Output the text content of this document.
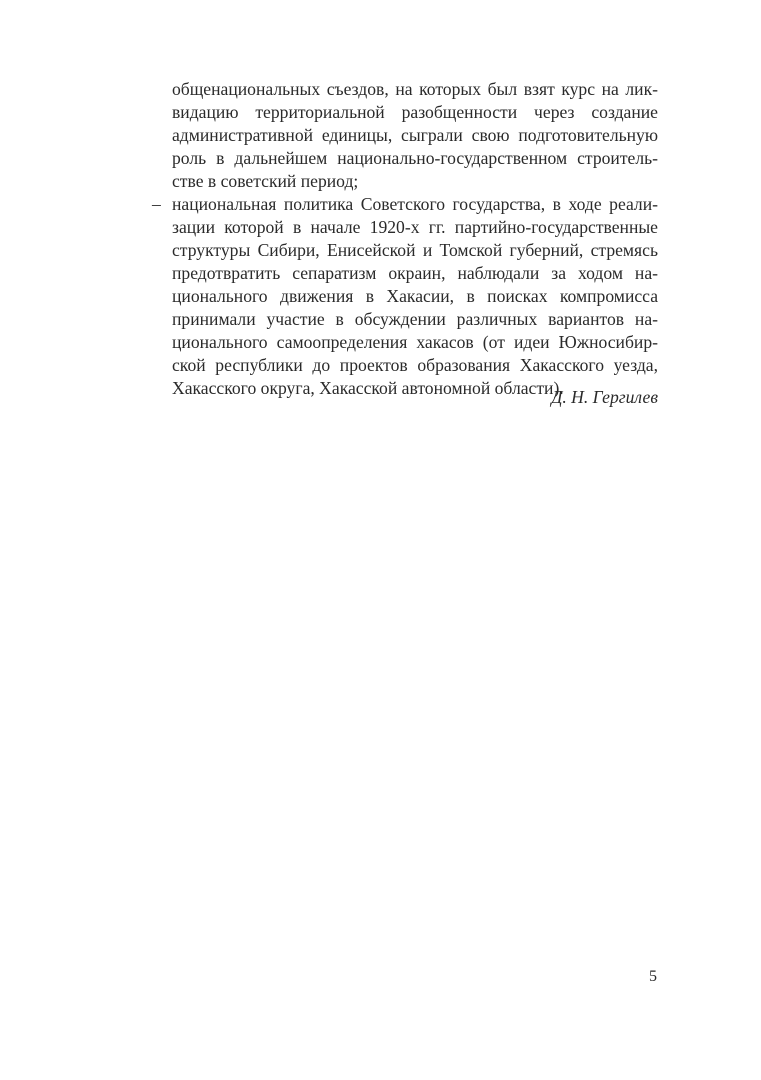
общенациональных съездов, на которых был взят курс на лик-
видацию территориальной разобщенности через создание
административной единицы, сыграли свою подготовительную
роль в дальнейшем национально-государственном строитель-
стве в советский период;
– национальная политика Советского государства, в ходе реали-
зации которой в начале 1920-х гг. партийно-государственные
структуры Сибири, Енисейской и Томской губерний, стремясь
предотвратить сепаратизм окраин, наблюдали за ходом на-
ционального движения в Хакасии, в поисках компромисса
принимали участие в обсуждении различных вариантов на-
ционального самоопределения хакасов (от идеи Южносибир-
ской республики до проектов образования Хакасского уезда,
Хакасского округа, Хакасской автономной области).
Д. Н. Гергилев
5
